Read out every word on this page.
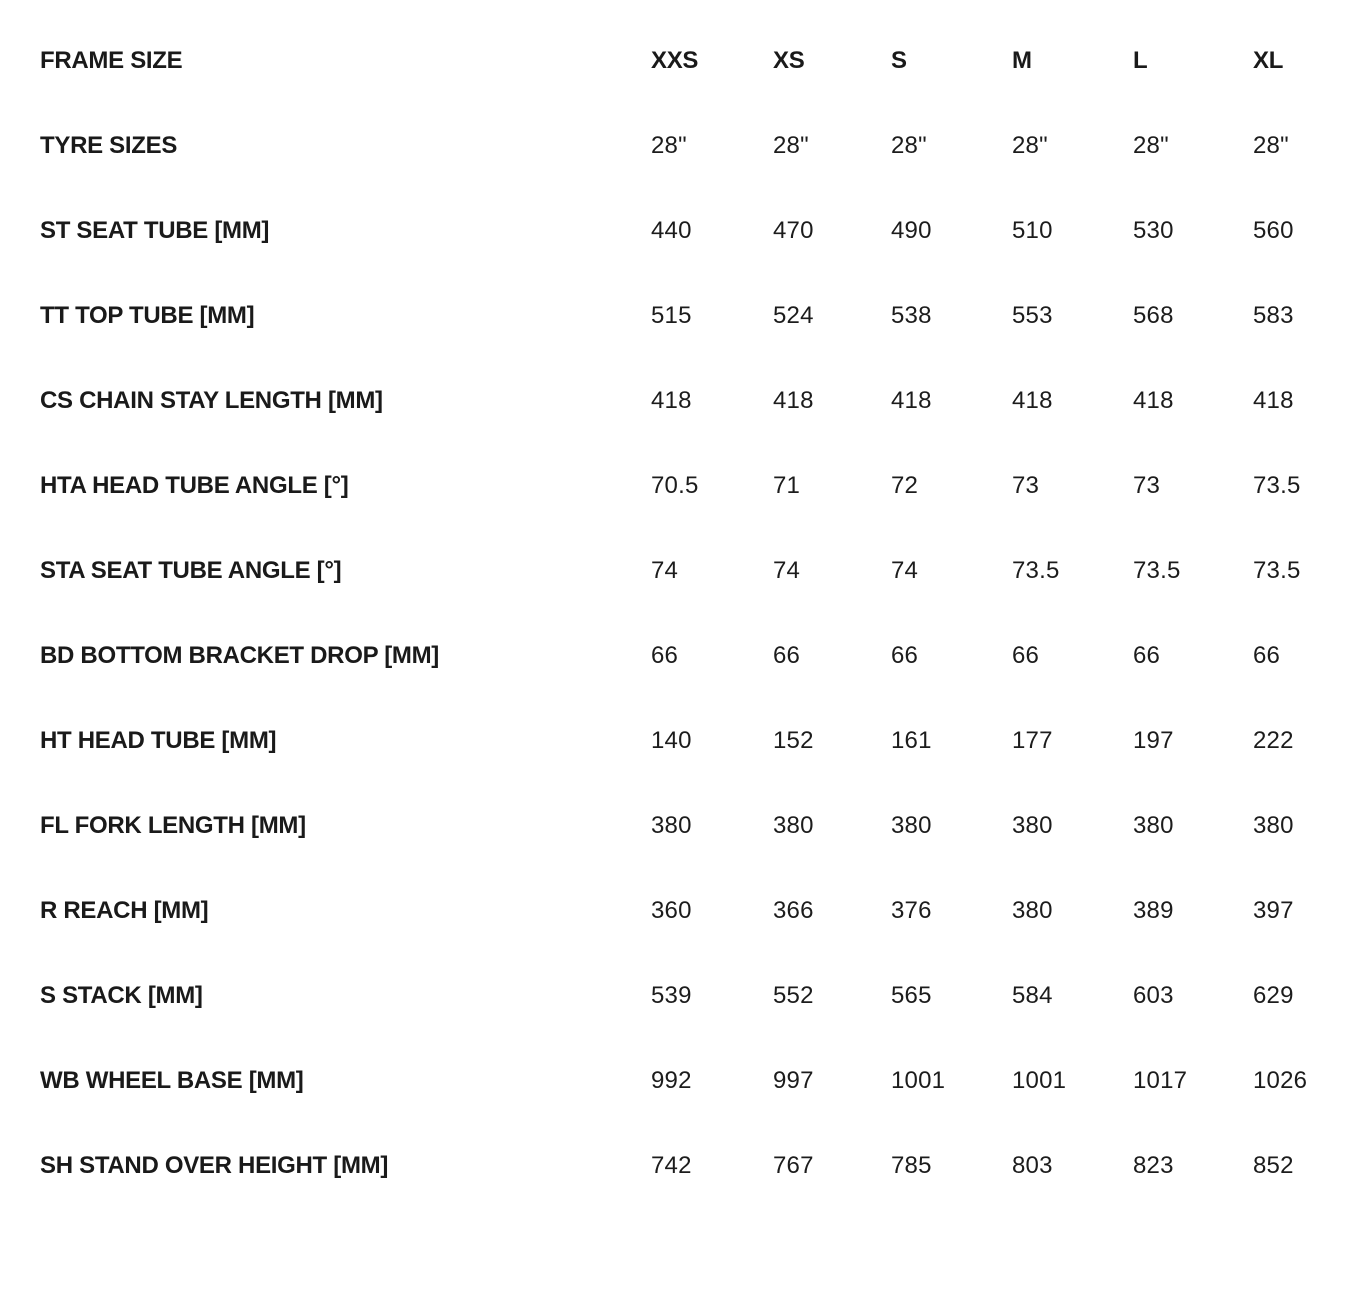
FRAME SIZE	XXS	XS	S	M	L	XL
TYRE SIZES	28"	28"	28"	28"	28"	28"
ST SEAT TUBE [MM]	440	470	490	510	530	560
TT TOP TUBE [MM]	515	524	538	553	568	583
CS CHAIN STAY LENGTH [MM]	418	418	418	418	418	418
HTA HEAD TUBE ANGLE [°]	70.5	71	72	73	73	73.5
STA SEAT TUBE ANGLE [°]	74	74	74	73.5	73.5	73.5
BD BOTTOM BRACKET DROP [MM]	66	66	66	66	66	66
HT HEAD TUBE [MM]	140	152	161	177	197	222
FL FORK LENGTH [MM]	380	380	380	380	380	380
R REACH [MM]	360	366	376	380	389	397
S STACK [MM]	539	552	565	584	603	629
WB WHEEL BASE [MM]	992	997	1001	1001	1017	1026
SH STAND OVER HEIGHT [MM]	742	767	785	803	823	852
